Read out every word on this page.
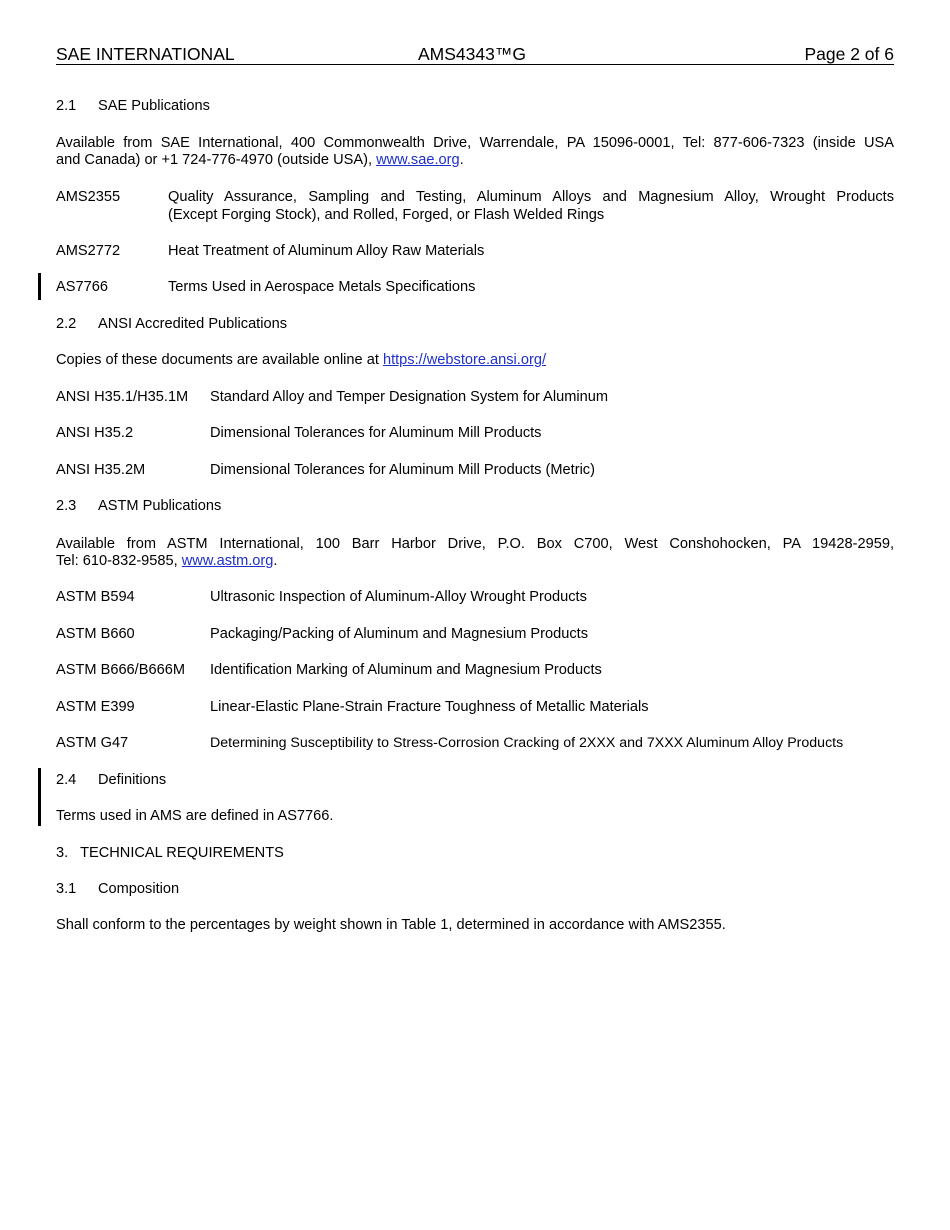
SAE INTERNATIONAL	AMS4343™G	Page 2 of 6
2.1 SAE Publications
Available from SAE International, 400 Commonwealth Drive, Warrendale, PA 15096-0001, Tel: 877-606-7323 (inside USA
and Canada) or +1 724-776-4970 (outside USA), www.sae.org.
AMS2355	Quality Assurance, Sampling and Testing, Aluminum Alloys and Magnesium Alloy, Wrought Products
(Except Forging Stock), and Rolled, Forged, or Flash Welded Rings
AMS2772	Heat Treatment of Aluminum Alloy Raw Materials
AS7766	Terms Used in Aerospace Metals Specifications
2.2 ANSI Accredited Publications
Copies of these documents are available online at https://webstore.ansi.org/
ANSI H35.1/H35.1M Standard Alloy and Temper Designation System for Aluminum
ANSI H35.2	Dimensional Tolerances for Aluminum Mill Products
ANSI H35.2M	Dimensional Tolerances for Aluminum Mill Products (Metric)
2.3 ASTM Publications
Available from ASTM International, 100 Barr Harbor Drive, P.O. Box C700, West Conshohocken, PA 19428-2959,
Tel: 610-832-9585, www.astm.org.
ASTM B594	Ultrasonic Inspection of Aluminum-Alloy Wrought Products
ASTM B660	Packaging/Packing of Aluminum and Magnesium Products
ASTM B666/B666M Identification Marking of Aluminum and Magnesium Products
ASTM E399	Linear-Elastic Plane-Strain Fracture Toughness of Metallic Materials
ASTM G47	Determining Susceptibility to Stress-Corrosion Cracking of 2XXX and 7XXX Aluminum Alloy Products
2.4 Definitions
Terms used in AMS are defined in AS7766.
3.   TECHNICAL REQUIREMENTS
3.1 Composition
Shall conform to the percentages by weight shown in Table 1, determined in accordance with AMS2355.
